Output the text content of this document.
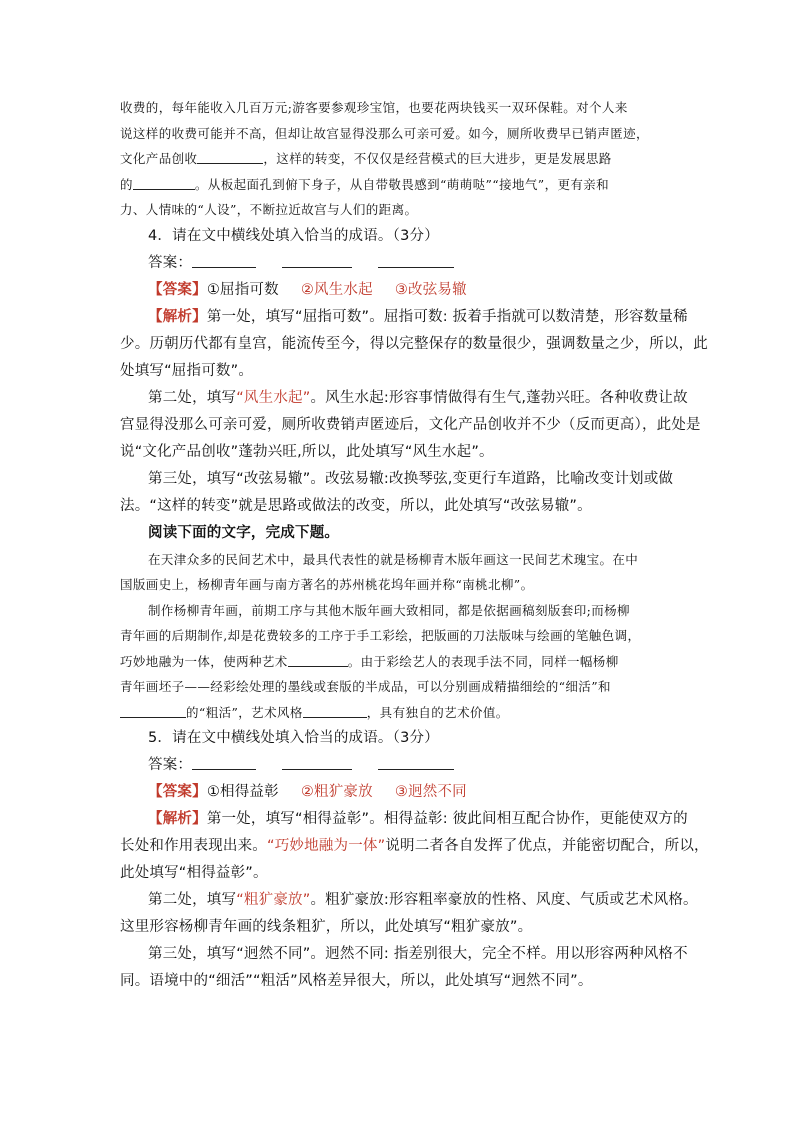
收费的，每年能收入几百万元;游客要参观珍宝馆，也要花两块钱买一双环保鞋。对个人来
说这样的收费可能并不高，但却让故宫显得没那么可亲可爱。如今，厕所收费早已销声匿迹，
文化产品创收	，这样的转变，不仅仅是经营模式的巨大进步，更是发展思路
的	。从板起面孔到俯下身子，从自带敬畏感到“萌萌哒”“接地气”，更有亲和
力、人情味的“人设”，不断拉近故宫与人们的距离。
4．请在文中横线处填入恰当的成语。（3分）
答案：
【答案】①屈指可数 ②风生水起 ③改弦易辙
【解析】第一处，填写“屈指可数”。屈指可数: 扳着手指就可以数清楚，形容数量稀
少。历朝历代都有皇宫，能流传至今，得以完整保存的数量很少，强调数量之少，所以，此
处填写“屈指可数”。
第二处，填写“风生水起”。风生水起:形容事情做得有生气,蓬勃兴旺。各种收费让故
宫显得没那么可亲可爱，厕所收费销声匿迹后，文化产品创收并不少（反而更高），此处是
说“文化产品创收”蓬勃兴旺,所以，此处填写“风生水起”。
第三处，填写“改弦易辙”。改弦易辙:改换琴弦,变更行车道路，比喻改变计划或做
法。“这样的转变”就是思路或做法的改变，所以，此处填写“改弦易辙”。
阅读下面的文字，完成下题。
在天津众多的民间艺术中，最具代表性的就是杨柳青木版年画这一民间艺术瑰宝。在中
国版画史上，杨柳青年画与南方著名的苏州桃花坞年画并称“南桃北柳”。
制作杨柳青年画，前期工序与其他木版年画大致相同，都是依据画稿刻版套印;而杨柳
青年画的后期制作,却是花费较多的工序于手工彩绘，把版画的刀法版味与绘画的笔触色调，
巧妙地融为一体，使两种艺术	。由于彩绘艺人的表现手法不同，同样一幅杨柳
青年画坯子——经彩绘处理的墨线或套版的半成品，可以分别画成精描细绘的“细活”和
的“粗活”，艺术风格	，具有独自的艺术价值。
5．请在文中横线处填入恰当的成语。（3分）
答案：
【答案】①相得益彰 ②粗犷豪放 ③迥然不同
【解析】第一处，填写“相得益彰”。相得益彰: 彼此间相互配合协作，更能使双方的
长处和作用表现出来。“巧妙地融为一体”说明二者各自发挥了优点，并能密切配合，所以，
此处填写“相得益彰”。
第二处，填写“粗犷豪放”。粗犷豪放:形容粗率豪放的性格、风度、气质或艺术风格。
这里形容杨柳青年画的线条粗犷，所以，此处填写“粗犷豪放”。
第三处，填写“迥然不同”。迥然不同: 指差别很大，完全不样。用以形容两种风格不
同。语境中的“细活”“粗活”风格差异很大，所以，此处填写“迥然不同”。
